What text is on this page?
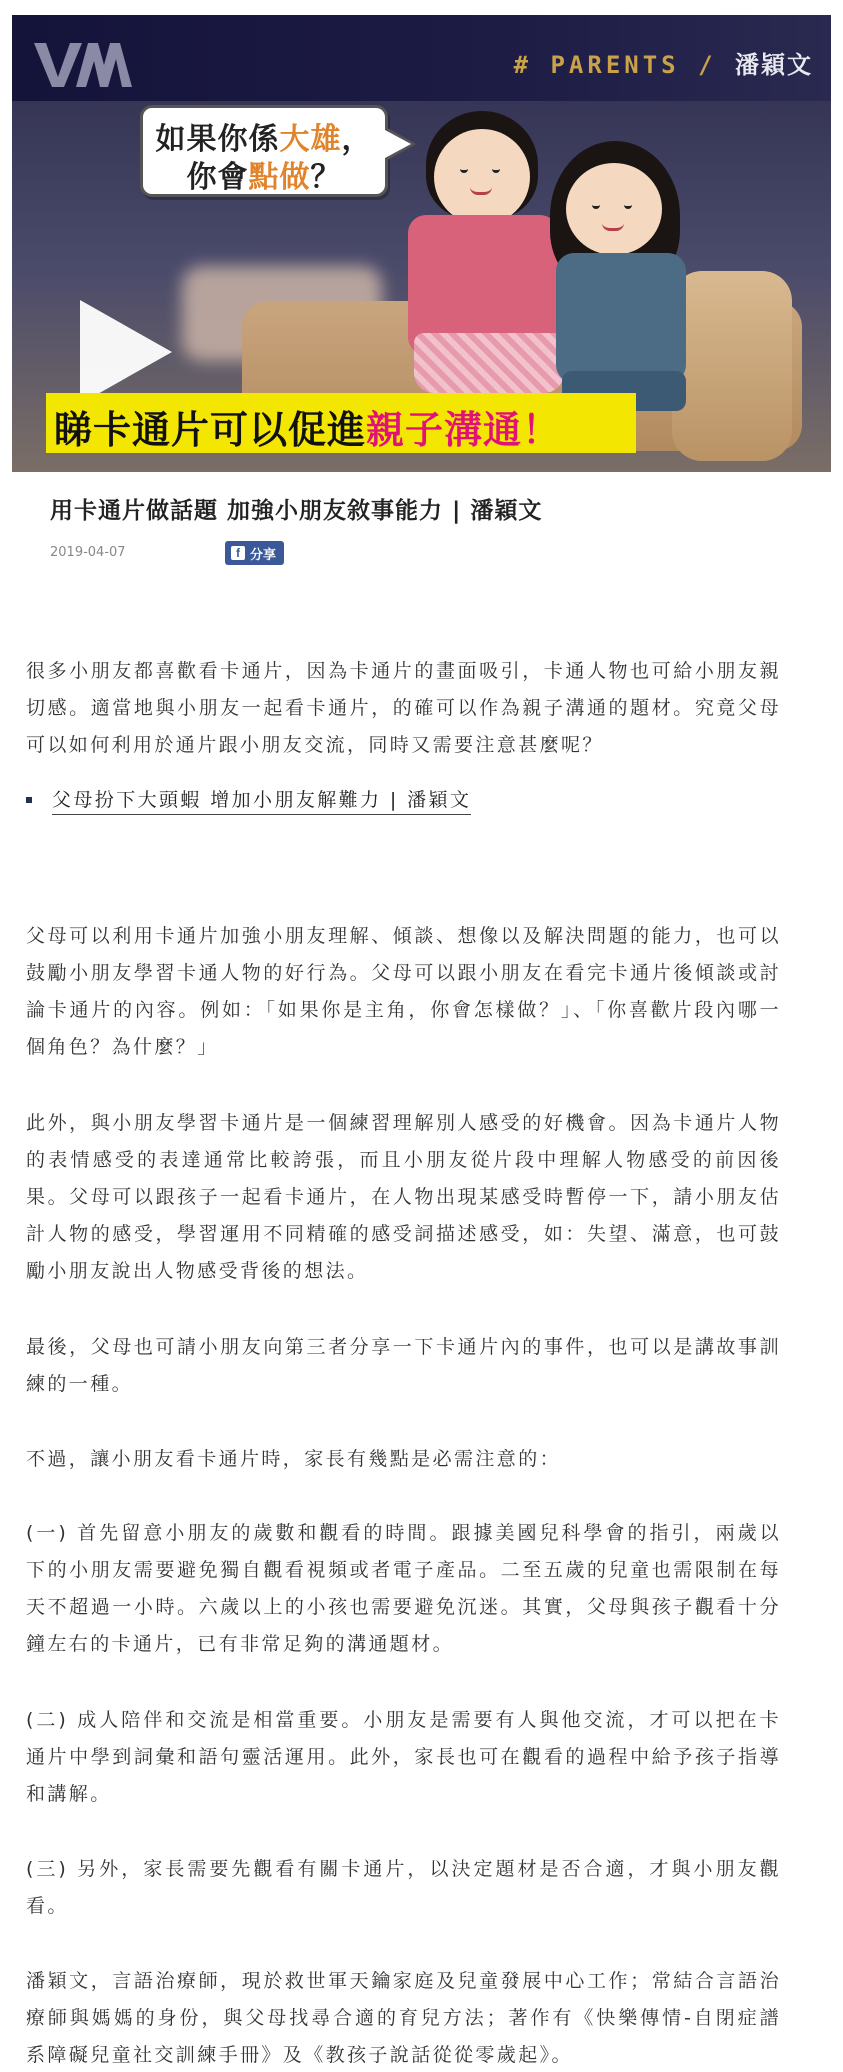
# PARENTS / 潘穎文
如果你係大雄，
你會點做？
睇卡通片可以促進親子溝通！
用卡通片做話題 加強小朋友敘事能力 | 潘穎文
2019-04-07	f 分享

很多小朋友都喜歡看卡通片，因為卡通片的畫面吸引，卡通人物也可給小朋友親切感。適當地與小朋友一起看卡通片，的確可以作為親子溝通的題材。究竟父母可以如何利用於通片跟小朋友交流，同時又需要注意甚麼呢？

父母扮下大頭蝦 增加小朋友解難力 | 潘穎文

父母可以利用卡通片加強小朋友理解、傾談、想像以及解決問題的能力，也可以鼓勵小朋友學習卡通人物的好行為。父母可以跟小朋友在看完卡通片後傾談或討論卡通片的內容。例如：「如果你是主角，你會怎樣做？」、「你喜歡片段內哪一個角色？為什麼？」

此外，與小朋友學習卡通片是一個練習理解別人感受的好機會。因為卡通片人物的表情感受的表達通常比較誇張，而且小朋友從片段中理解人物感受的前因後果。父母可以跟孩子一起看卡通片，在人物出現某感受時暫停一下，請小朋友估計人物的感受，學習運用不同精確的感受詞描述感受，如：失望、滿意，也可鼓勵小朋友說出人物感受背後的想法。

最後，父母也可請小朋友向第三者分享一下卡通片內的事件，也可以是講故事訓練的一種。

不過，讓小朋友看卡通片時，家長有幾點是必需注意的：

(一) 首先留意小朋友的歲數和觀看的時間。跟據美國兒科學會的指引，兩歲以下的小朋友需要避免獨自觀看視頻或者電子產品。二至五歲的兒童也需限制在每天不超過一小時。六歲以上的小孩也需要避免沉迷。其實，父母與孩子觀看十分鐘左右的卡通片，已有非常足夠的溝通題材。

(二) 成人陪伴和交流是相當重要。小朋友是需要有人與他交流，才可以把在卡通片中學到詞彙和語句靈活運用。此外，家長也可在觀看的過程中給予孩子指導和講解。

(三) 另外，家長需要先觀看有關卡通片，以決定題材是否合適，才與小朋友觀看。

潘穎文，言語治療師，現於救世軍天鑰家庭及兒童發展中心工作；常結合言語治療師與媽媽的身份，與父母找尋合適的育兒方法；著作有《快樂傳情-自閉症譜系障礙兒童社交訓練手冊》及《教孩子說話從從零歲起》。
